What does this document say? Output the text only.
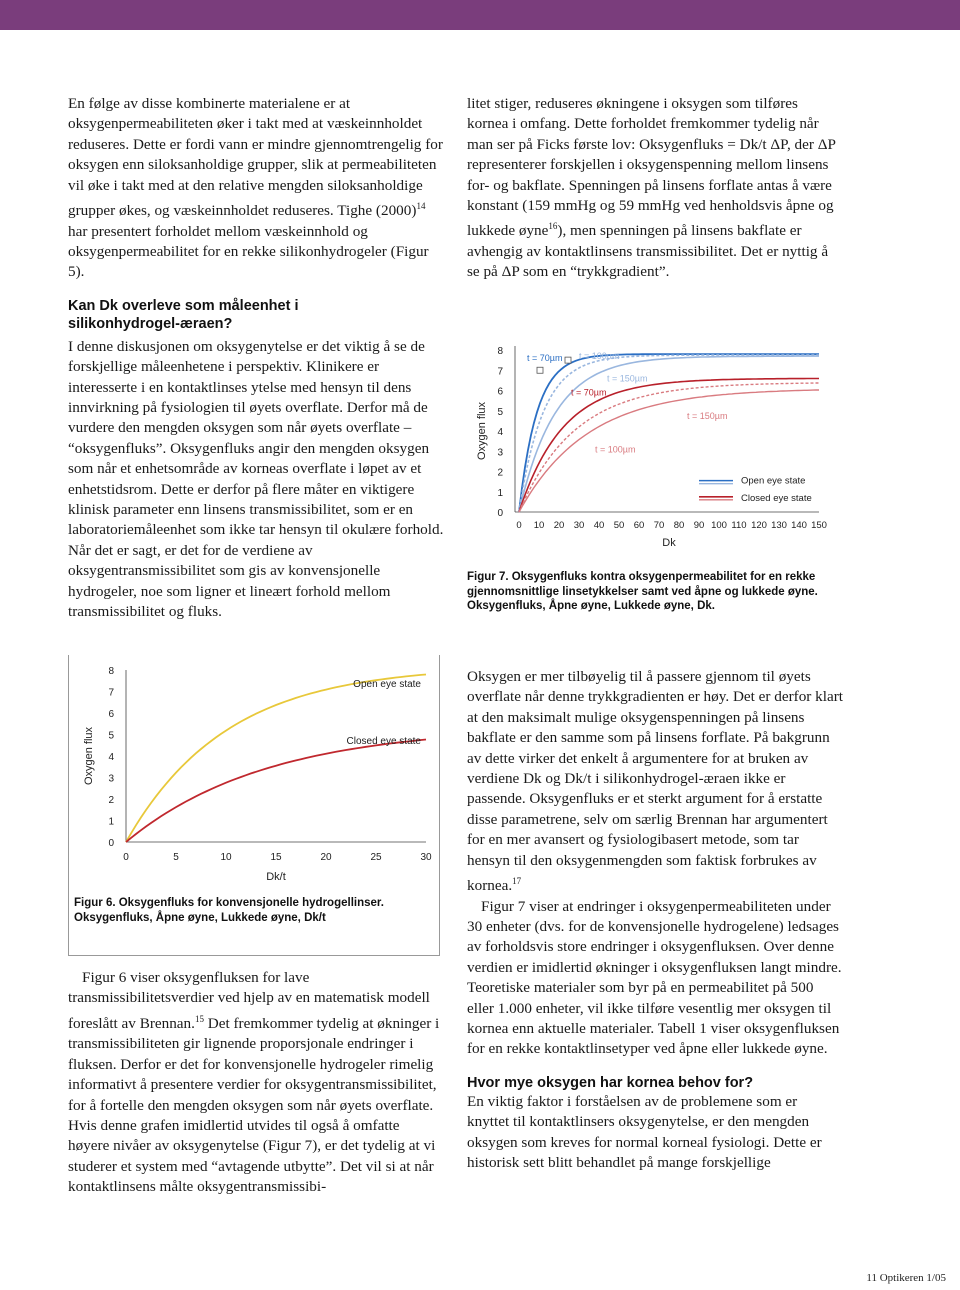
En følge av disse kombinerte materialene er at oksygenpermeabiliteten øker i takt med at væskeinnholdet reduseres. Dette er fordi vann er mindre gjennomtrengelig for oksygen enn siloksanholdige grupper, slik at permeabiliteten vil øke i takt med at den relative mengden siloksanholdige grupper økes, og væskeinnholdet reduseres. Tighe $(2000)^{14}$ har presentert forholdet mellom væskeinnhold og oksygenpermeabilitet for en rekke silikonhydrogeler (Figur 5).

Kan Dk overleve som måleenhet i silikonhydrogel-æraen?

I denne diskusjonen om oksygenytelse er det viktig å se de forskjellige måleenhetene i perspektiv. Klinikere er interesserte i en kontaktlinses ytelse med hensyn til dens innvirkning på fysiologien til øyets overflate. Derfor må de vurdere den mengden oksygen som når øyets overflate – “oksygenfluks”. Oksygenfluks angir den mengden oksygen som når et enhetsområde av korneas overflate i løpet av et enhetstidsrom. Dette er derfor på flere måter en viktigere klinisk parameter enn linsens transmissibilitet, som er en laboratoriemåleenhet som ikke tar hensyn til okulære forhold. Når det er sagt, er det for de verdiene av oksygentransmissibilitet som gis av konvensjonelle hydrogeler, noe som ligner et lineært forhold mellom transmissibilitet og fluks.

litet stiger, reduseres økningene i oksygen som tilføres kornea i omfang. Dette forholdet fremkommer tydelig når man ser på Ficks første lov: Oksygenfluks = Dk/t ΔP, der ΔP representerer forskjellen i oksygenspenning mellom linsens for- og bakflate. Spenningen på linsens forflate antas å være konstant (159 mmHg og 59 mmHg ved henholdsvis åpne og lukkede øyne$^{16}$), men spenningen på linsens bakflate er avhengig av kontaktlinsens transmissibilitet. Det er nyttig å se på ΔP som en “trykkgradient”.

0
1
2
3
4
5
6
7
8
0 10 20 30 40 50 60 70 80 90 100 110 120 130 140 150
Dk
Oxygen flux
t = 70µm t = 100µm
t = 150µm
t = 70µm
t = 150µm
t = 100µm
Open eye state
Closed eye state
Figur 7. Oksygenfluks kontra oksygenpermeabilitet for en rekke gjennomsnittlige linsetykkelser samt ved åpne og lukkede øyne. Oksygenfluks, Åpne øyne, Lukkede øyne, Dk.
0
1
2
3
4
5
6
7
8
0	5	10	15	20	25	30
Dk/t
Oxygen flux
Open eye state
Closed eye state
Figur 6. Oksygenfluks for konvensjonelle hydrogellinser.
Oksygenfluks, Åpne øyne, Lukkede øyne, Dk/t

Figur 6 viser oksygenfluksen for lave transmissibilitetsverdier ved hjelp av en matematisk modell foreslått av Brennan.$^{15}$ Det fremkommer tydelig at økninger i transmissibiliteten gir lignende proporsjonale endringer i fluksen. Derfor er det for konvensjonelle hydrogeler rimelig informativt å presentere verdier for oksygentransmissibilitet, for å fortelle den mengden oksygen som når øyets overflate. Hvis denne grafen imidlertid utvides til også å omfatte høyere nivåer av oksygenytelse (Figur 7), er det tydelig at vi studerer et system med “avtagende utbytte”. Det vil si at når kontaktlinsens målte oksygentransmissibi-

Oksygen er mer tilbøyelig til å passere gjennom til øyets overflate når denne trykkgradienten er høy. Det er derfor klart at den maksimalt mulige oksygenspenningen på linsens bakflate er den samme som på linsens forflate. På bakgrunn av dette virker det enkelt å argumentere for at bruken av verdiene Dk og Dk/t i silikonhydrogel-æraen ikke er passende. Oksygenfluks er et sterkt argument for å erstatte disse parametrene, selv om særlig Brennan har argumentert for en mer avansert og fysiologibasert metode, som tar hensyn til den oksygenmengden som faktisk forbrukes av kornea.$^{17}$

Figur 7 viser at endringer i oksygenpermeabiliteten under 30 enheter (dvs. for de konvensjonelle hydrogelene) ledsages av forholdsvis store endringer i oksygenfluksen. Over denne verdien er imidlertid økninger i oksygenfluksen langt mindre. Teoretiske materialer som byr på en permeabilitet på 500 eller 1.000 enheter, vil ikke tilføre vesentlig mer oksygen til kornea enn aktuelle materialer. Tabell 1 viser oksygenfluksen for en rekke kontaktlinsetyper ved åpne eller lukkede øyne.

Hvor mye oksygen har kornea behov for?

En viktig faktor i forståelsen av de problemene som er knyttet til kontaktlinsers oksygenytelse, er den mengden oksygen som kreves for normal korneal fysiologi. Dette er historisk sett blitt behandlet på mange forskjellige

11 Optikeren 1/05
